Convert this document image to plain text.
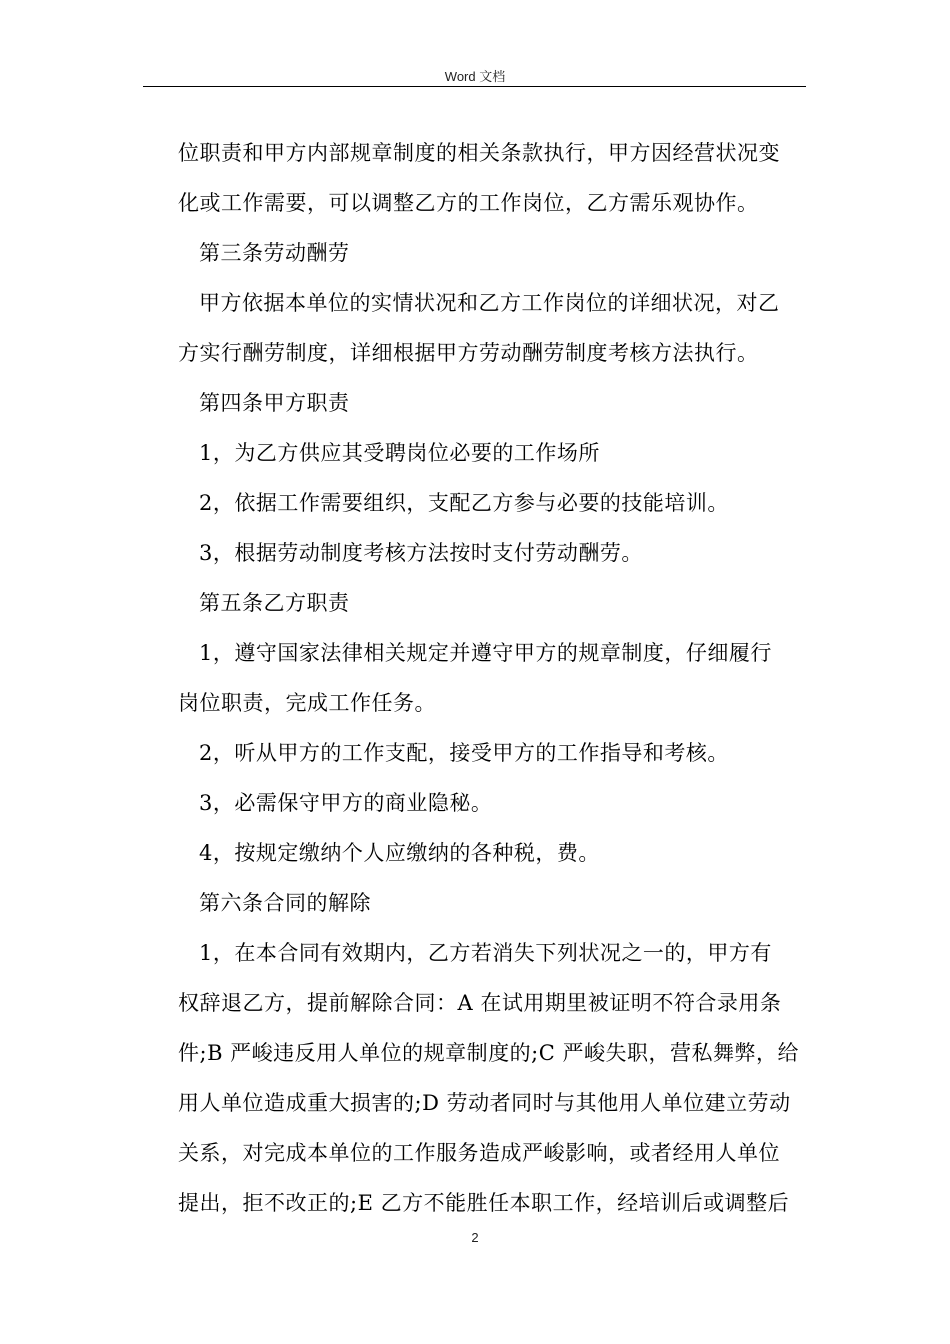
Word 文档

位职责和甲方内部规章制度的相关条款执行，甲方因经营状况变

化或工作需要，可以调整乙方的工作岗位，乙方需乐观协作。

第三条劳动酬劳

甲方依据本单位的实情状况和乙方工作岗位的详细状况，对乙

方实行酬劳制度，详细根据甲方劳动酬劳制度考核方法执行。

第四条甲方职责

1，为乙方供应其受聘岗位必要的工作场所

2，依据工作需要组织，支配乙方参与必要的技能培训。

3，根据劳动制度考核方法按时支付劳动酬劳。

第五条乙方职责

1，遵守国家法律相关规定并遵守甲方的规章制度，仔细履行

岗位职责，完成工作任务。

2，听从甲方的工作支配，接受甲方的工作指导和考核。

3，必需保守甲方的商业隐秘。

4，按规定缴纳个人应缴纳的各种税，费。

第六条合同的解除

1，在本合同有效期内，乙方若消失下列状况之一的，甲方有

权辞退乙方，提前解除合同：A 在试用期里被证明不符合录用条

件;B 严峻违反用人单位的规章制度的;C 严峻失职，营私舞弊，给

用人单位造成重大损害的;D 劳动者同时与其他用人单位建立劳动

关系，对完成本单位的工作服务造成严峻影响，或者经用人单位

提出，拒不改正的;E 乙方不能胜任本职工作，经培训后或调整后

2
